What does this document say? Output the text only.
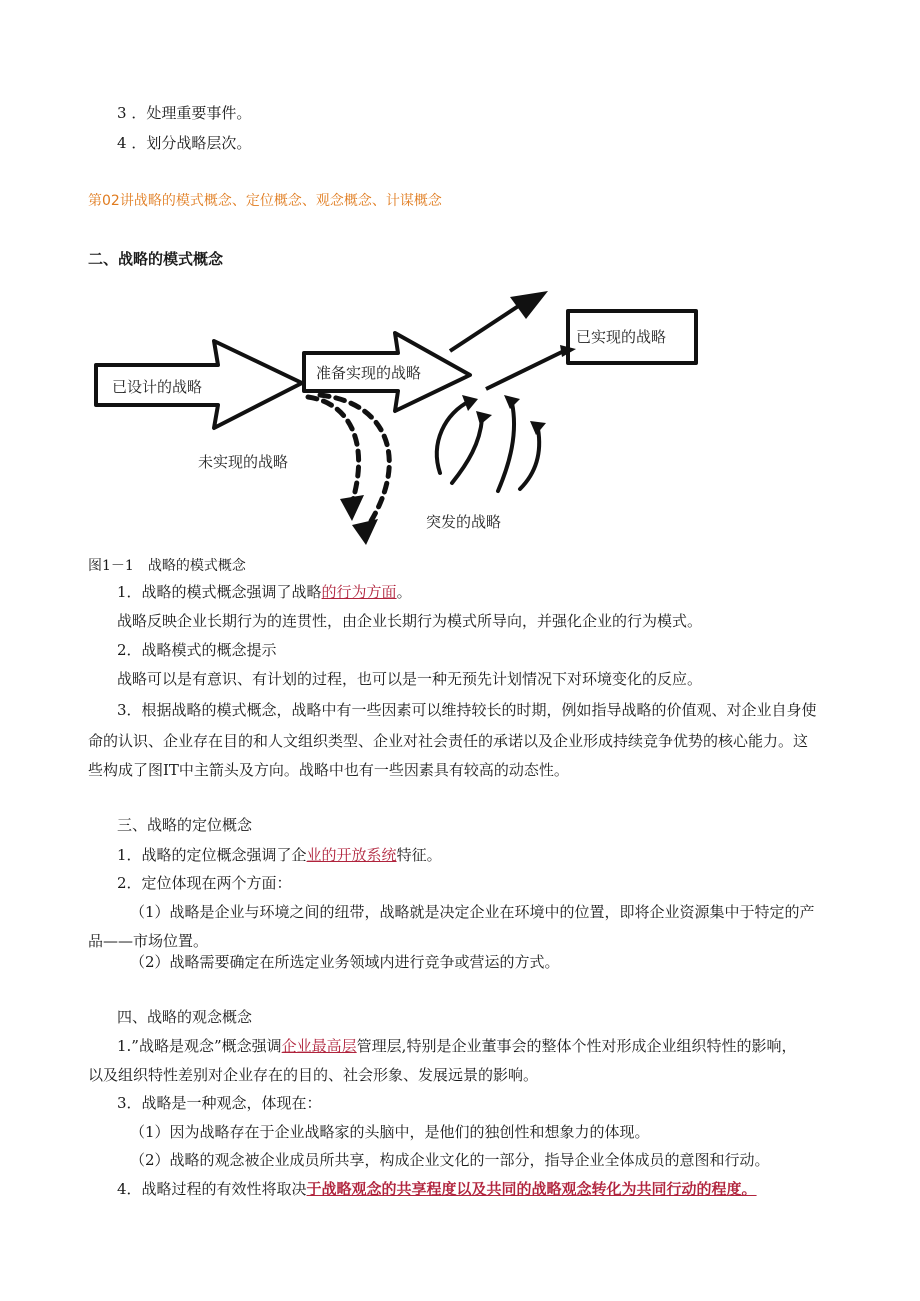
3 ．处理重要事件。
4 ．划分战略层次。
第02讲战略的模式概念、定位概念、观念概念、计谋概念
二、战略的模式概念
已设计的战略
准备实现的战略
已实现的战略
未实现的战略
突发的战略
图1－1　战略的模式概念
1．战略的模式概念强调了战略的行为方面。
战略反映企业长期行为的连贯性，由企业长期行为模式所导向，并强化企业的行为模式。
2．战略模式的概念提示
战略可以是有意识、有计划的过程，也可以是一种无预先计划情况下对环境变化的反应。
3．根据战略的模式概念，战略中有一些因素可以维持较长的时期，例如指导战略的价值观、对企业自身使
命的认识、企业存在目的和人文组织类型、企业对社会责任的承诺以及企业形成持续竞争优势的核心能力。这
些构成了图IT中主箭头及方向。战略中也有一些因素具有较高的动态性。
三、战略的定位概念
1．战略的定位概念强调了企业的开放系统特征。
2．定位体现在两个方面：
（1）战略是企业与环境之间的纽带，战略就是决定企业在环境中的位置，即将企业资源集中于特定的产
品——市场位置。
（2）战略需要确定在所选定业务领域内进行竞争或营运的方式。
四、战略的观念概念
1.”战略是观念”概念强调企业最高层管理层,特别是企业董事会的整体个性对形成企业组织特性的影响，
以及组织特性差别对企业存在的目的、社会形象、发展远景的影响。
3．战略是一种观念，体现在：
（1）因为战略存在于企业战略家的头脑中，是他们的独创性和想象力的体现。
（2）战略的观念被企业成员所共享，构成企业文化的一部分，指导企业全体成员的意图和行动。
4．战略过程的有效性将取决于战略观念的共享程度以及共同的战略观念转化为共同行动的程度。
